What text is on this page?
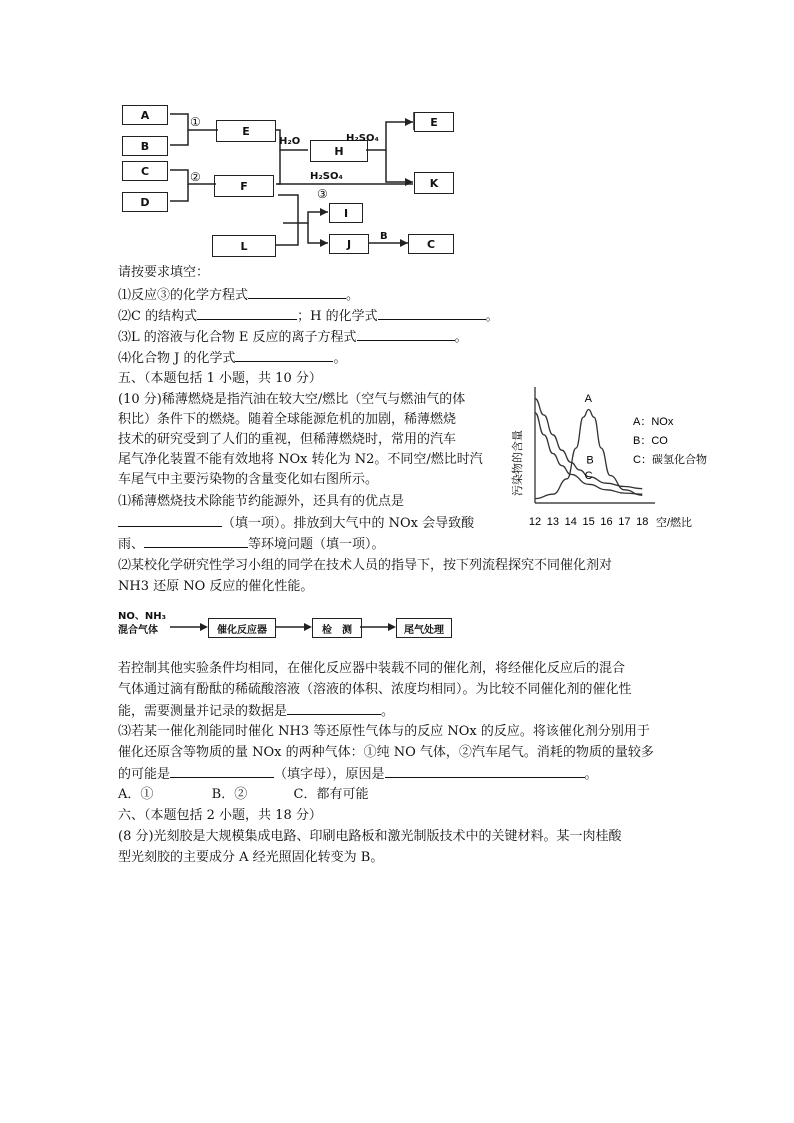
A
B
C
D
E
F
L
H
E
K
I
J	C
①
②
③
H₂O	H₂SO₄
H₂SO₄
B
请按要求填空：
⑴反应③的化学方程式	。
⑵C 的结构式	；H 的化学式	。
⑶L 的溶液与化合物 E 反应的离子方程式	。
⑷化合物 J 的化学式	。
五、（本题包括 1 小题，共 10 分）
(10 分)稀薄燃烧是指汽油在较大空/燃比（空气与燃油气的体
积比）条件下的燃烧。随着全球能源危机的加剧，稀薄燃烧
技术的研究受到了人们的重视，但稀薄燃烧时，常用的汽车
尾气净化装置不能有效地将 NOx 转化为 N2。不同空/燃比时汽
车尾气中主要污染物的含量变化如右图所示。
⑴稀薄燃烧技术除能节约能源外，还具有的优点是
（填一项）。排放到大气中的 NOx 会导致酸
雨、	等环境问题（填一项）。
⑵某校化学研究性学习小组的同学在技术人员的指导下，按下列流程探究不同催化剂对
NH3 还原 NO 反应的催化性能。
NO、NH₃
混合气体	催化反应器	检　测	尾气处理
若控制其他实验条件均相同，在催化反应器中装载不同的催化剂，将经催化反应后的混合
气体通过滴有酚酞的稀硫酸溶液（溶液的体积、浓度均相同）。为比较不同催化剂的催化性
能，需要测量并记录的数据是	。
⑶若某一催化剂能同时催化 NH3 等还原性气体与的反应 NOx 的反应。将该催化剂分别用于
催化还原含等物质的量 NOx 的两种气体：①纯 NO 气体，②汽车尾气。消耗的物质的量较多
的可能是	（填字母），原因是	。
A．①	B．②	C．都有可能
六、（本题包括 2 小题，共 18 分）
(8 分)光刻胶是大规模集成电路、印刷电路板和激光制版技术中的关键材料。某一肉桂酸
型光刻胶的主要成分 A 经光照固化转变为 B。
A
B
C
12 13 14 15 16 17 18
污染物的含量
空/燃比
A：NOx
B：CO
C：碳氢化合物
